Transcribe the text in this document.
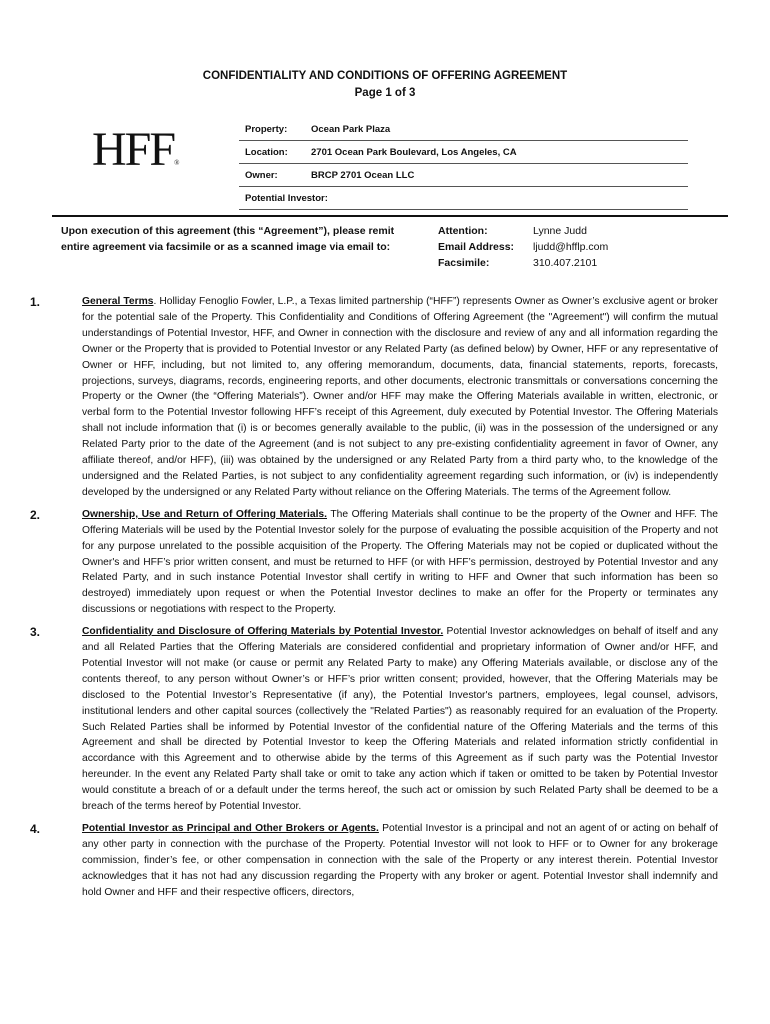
CONFIDENTIALITY AND CONDITIONS OF OFFERING AGREEMENT
Page 1 of 3
HFF®
Property:	Ocean Park Plaza
Location:	2701 Ocean Park Boulevard, Los Angeles, CA
Owner:	BRCP 2701 Ocean LLC
Potential Investor:
Upon execution of this agreement (this “Agreement”), please remit entire agreement via facsimile or as a scanned image via email to:
Attention:	Lynne Judd
Email Address:	ljudd@hfflp.com
Facsimile:	310.407.2101
1.	General Terms. Holliday Fenoglio Fowler, L.P., a Texas limited partnership (“HFF”) represents Owner as Owner’s exclusive agent or broker for the potential sale of the Property. This Confidentiality and Conditions of Offering Agreement (the "Agreement") will confirm the mutual understandings of Potential Investor, HFF, and Owner in connection with the disclosure and review of any and all information regarding the Owner or the Property that is provided to Potential Investor or any Related Party (as defined below) by Owner, HFF or any representative of Owner or HFF, including, but not limited to, any offering memorandum, documents, data, financial statements, reports, forecasts, projections, surveys, diagrams, records, engineering reports, and other documents, electronic transmittals or conversations concerning the Property or the Owner (the “Offering Materials”). Owner and/or HFF may make the Offering Materials available in written, electronic, or verbal form to the Potential Investor following HFF’s receipt of this Agreement, duly executed by Potential Investor. The Offering Materials shall not include information that (i) is or becomes generally available to the public, (ii) was in the possession of the undersigned or any Related Party prior to the date of the Agreement (and is not subject to any pre-existing confidentiality agreement in favor of Owner, any affiliate thereof, and/or HFF), (iii) was obtained by the undersigned or any Related Party from a third party who, to the knowledge of the undersigned and the Related Parties, is not subject to any confidentiality agreement regarding such information, or (iv) is independently developed by the undersigned or any Related Party without reliance on the Offering Materials. The terms of the Agreement follow.
2.	Ownership, Use and Return of Offering Materials. The Offering Materials shall continue to be the property of the Owner and HFF. The Offering Materials will be used by the Potential Investor solely for the purpose of evaluating the possible acquisition of the Property and not for any purpose unrelated to the possible acquisition of the Property. The Offering Materials may not be copied or duplicated without the Owner's and HFF’s prior written consent, and must be returned to HFF (or with HFF’s permission, destroyed by Potential Investor and any Related Party, and in such instance Potential Investor shall certify in writing to HFF and Owner that such information has been so destroyed) immediately upon request or when the Potential Investor declines to make an offer for the Property or terminates any discussions or negotiations with respect to the Property.
3.	Confidentiality and Disclosure of Offering Materials by Potential Investor. Potential Investor acknowledges on behalf of itself and any and all Related Parties that the Offering Materials are considered confidential and proprietary information of Owner and/or HFF, and Potential Investor will not make (or cause or permit any Related Party to make) any Offering Materials available, or disclose any of the contents thereof, to any person without Owner’s or HFF’s prior written consent; provided, however, that the Offering Materials may be disclosed to the Potential Investor’s Representative (if any), the Potential Investor's partners, employees, legal counsel, advisors, institutional lenders and other capital sources (collectively the "Related Parties") as reasonably required for an evaluation of the Property. Such Related Parties shall be informed by Potential Investor of the confidential nature of the Offering Materials and the terms of this Agreement and shall be directed by Potential Investor to keep the Offering Materials and related information strictly confidential in accordance with this Agreement and to otherwise abide by the terms of this Agreement as if such party was the Potential Investor hereunder. In the event any Related Party shall take or omit to take any action which if taken or omitted to be taken by Potential Investor would constitute a breach of or a default under the terms hereof, the such act or omission by such Related Party shall be deemed to be a breach of the terms hereof by Potential Investor.
4.	Potential Investor as Principal and Other Brokers or Agents. Potential Investor is a principal and not an agent of or acting on behalf of any other party in connection with the purchase of the Property. Potential Investor will not look to HFF or to Owner for any brokerage commission, finder’s fee, or other compensation in connection with the sale of the Property or any interest therein. Potential Investor acknowledges that it has not had any discussion regarding the Property with any broker or agent. Potential Investor shall indemnify and hold Owner and HFF and their respective officers, directors,
